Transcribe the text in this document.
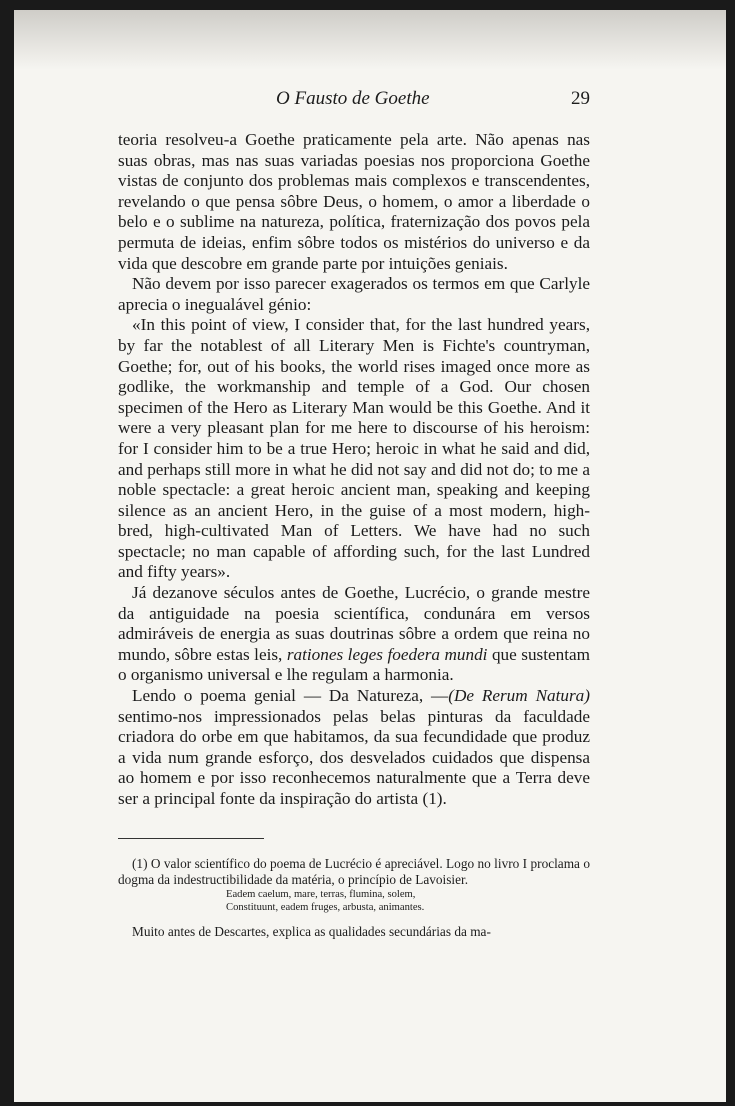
O Fausto de Goethe	29

teoria resolveu-a Goethe praticamente pela arte. Não apenas nas suas obras, mas nas suas variadas poesias nos proporciona Goethe vistas de conjunto dos problemas mais complexos e transcendentes, revelando o que pensa sôbre Deus, o homem, o amor a liberdade o belo e o sublime na natureza, política, fraternização dos povos pela permuta de ideias, enfim sôbre todos os mistérios do universo e da vida que descobre em grande parte por intuições geniais.

Não devem por isso parecer exagerados os termos em que Carlyle aprecia o inegualável génio:

«In this point of view, I consider that, for the last hundred years, by far the notablest of all Literary Men is Fichte's countryman, Goethe; for, out of his books, the world rises imaged once more as godlike, the workmanship and temple of a God. Our chosen specimen of the Hero as Literary Man would be this Goethe. And it were a very pleasant plan for me here to discourse of his heroism: for I consider him to be a true Hero; heroic in what he said and did, and perhaps still more in what he did not say and did not do; to me a noble spectacle: a great heroic ancient man, speaking and keeping silence as an ancient Hero, in the guise of a most modern, high-bred, high-cultivated Man of Letters. We have had no such spectacle; no man capable of affording such, for the last Lundred and fifty years».

Já dezanove séculos antes de Goethe, Lucrécio, o grande mestre da antiguidade na poesia scientífica, condunára em versos admiráveis de energia as suas doutrinas sôbre a ordem que reina no mundo, sôbre estas leis, rationes leges foedera mundi que sustentam o organismo universal e lhe regulam a harmonia.

Lendo o poema genial — Da Natureza, —(De Rerum Natura) sentimo-nos impressionados pelas belas pinturas da faculdade criadora do orbe em que habitamos, da sua fecundidade que produz a vida num grande esforço, dos desvelados cuidados que dispensa ao homem e por isso reconhecemos naturalmente que a Terra deve ser a principal fonte da inspiração do artista (1).

(1) O valor scientífico do poema de Lucrécio é apreciável. Logo no livro I proclama o dogma da indestructibilidade da matéria, o princípio de Lavoisier.

Eadem caelum, mare, terras, flumina, solem,
Constituunt, eadem fruges, arbusta, animantes.

Muito antes de Descartes, explica as qualidades secundárias da ma-
